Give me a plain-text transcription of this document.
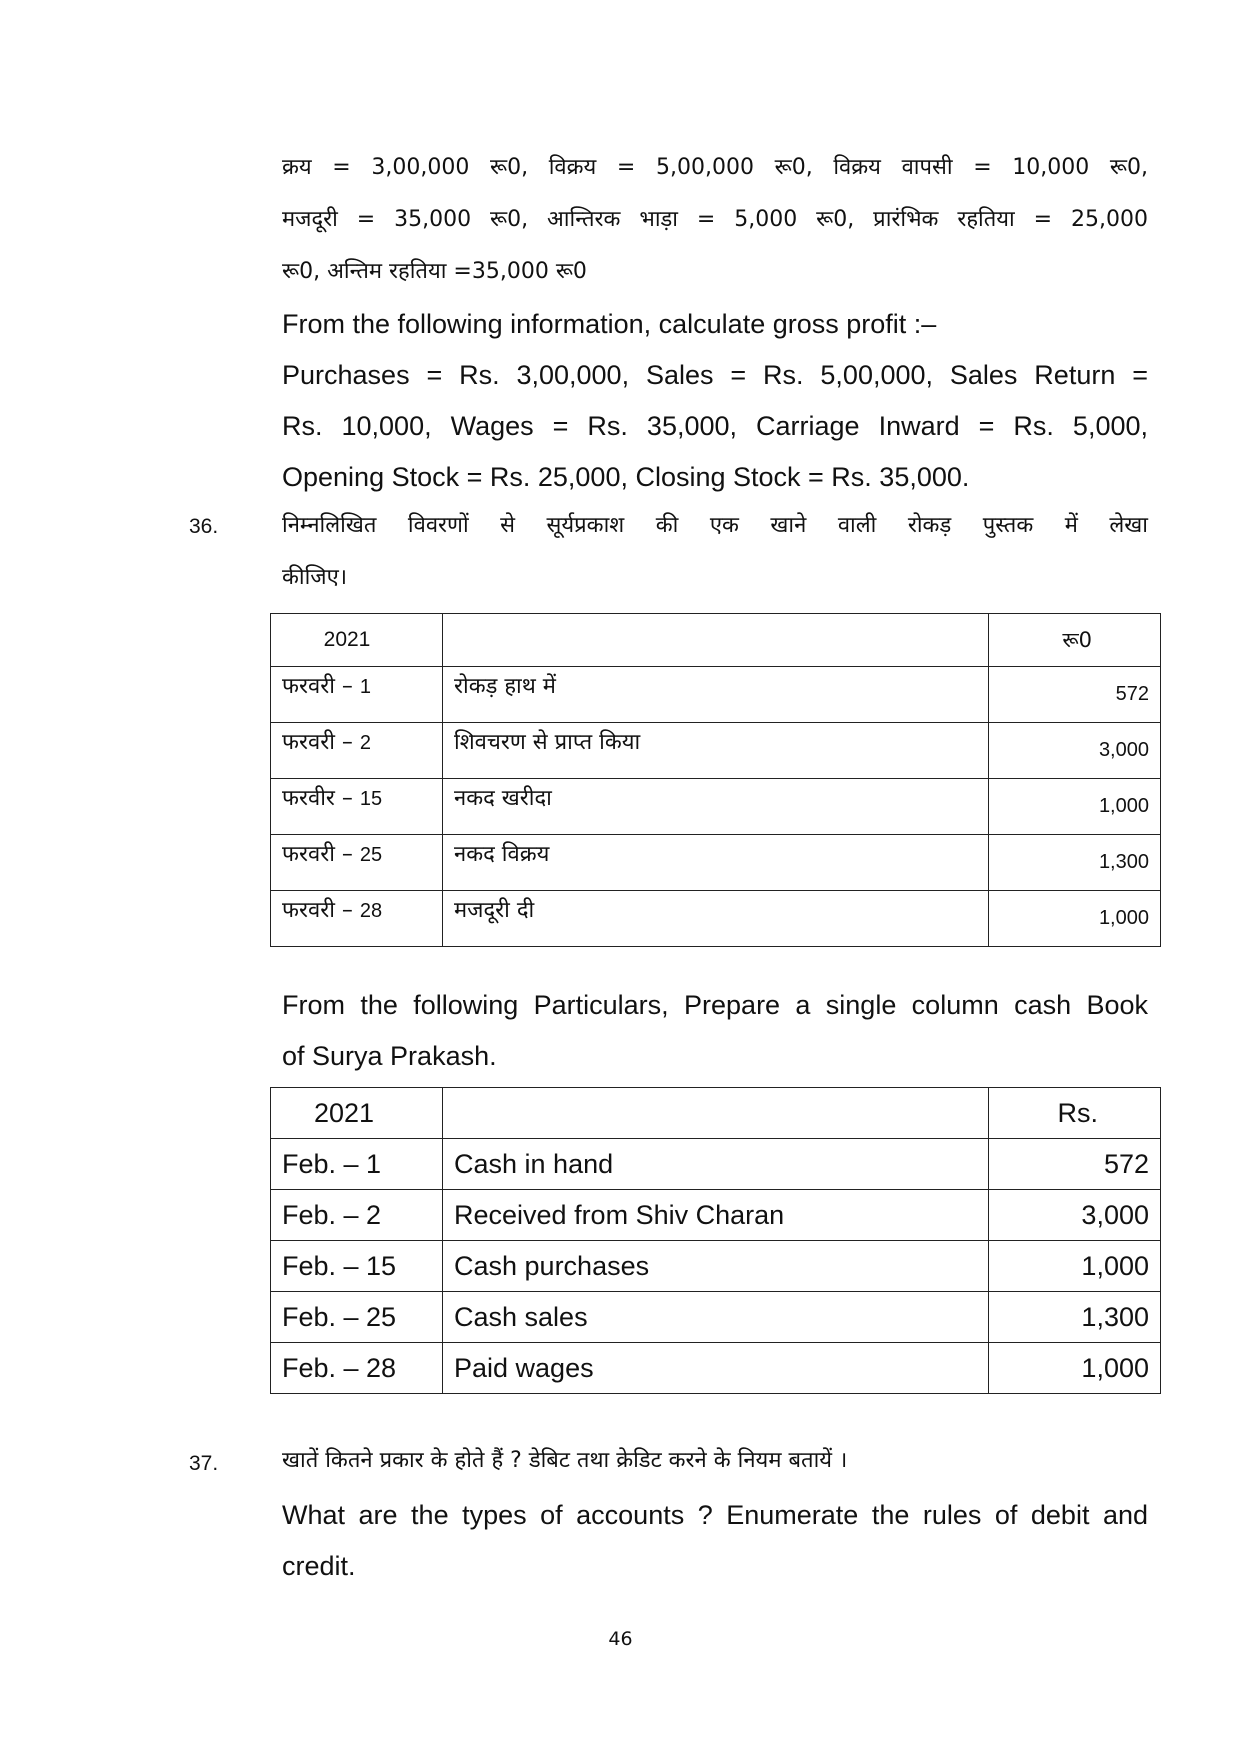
क्रय = 3,00,000 रू0, विक्रय = 5,00,000 रू0, विक्रय वापसी = 10,000 रू0,
मजदूरी = 35,000 रू0, आन्तिरक भाड़ा = 5,000 रू0, प्रारंभिक रहतिया = 25,000
रू0, अन्तिम रहतिया =35,000 रू0
From the following information, calculate gross profit :–
Purchases = Rs. 3,00,000, Sales = Rs. 5,00,000, Sales Return =
Rs. 10,000, Wages = Rs. 35,000, Carriage Inward = Rs. 5,000,
Opening Stock = Rs. 25,000, Closing Stock = Rs. 35,000.
36.	निम्नलिखित विवरणों से सूर्यप्रकाश की एक खाने वाली रोकड़ पुस्तक में लेखा
कीजिए।
2021		रू0
फरवरी – 1	रोकड़ हाथ में	572
फरवरी – 2	शिवचरण से प्राप्त किया	3,000
फरवीर – 15	नकद खरीदा	1,000
फरवरी – 25	नकद विक्रय	1,300
फरवरी – 28	मजदूरी दी	1,000
From the following Particulars, Prepare a single column cash Book
of Surya Prakash.
2021		Rs.
Feb. – 1	Cash in hand	572
Feb. – 2	Received from Shiv Charan	3,000
Feb. – 15	Cash purchases	1,000
Feb. – 25	Cash sales	1,300
Feb. – 28	Paid wages	1,000
37.	खातें कितने प्रकार के होते हैं ? डेबिट तथा क्रेडिट करने के नियम बतायें ।
What are the types of accounts ? Enumerate the rules of debit and
credit.
46
